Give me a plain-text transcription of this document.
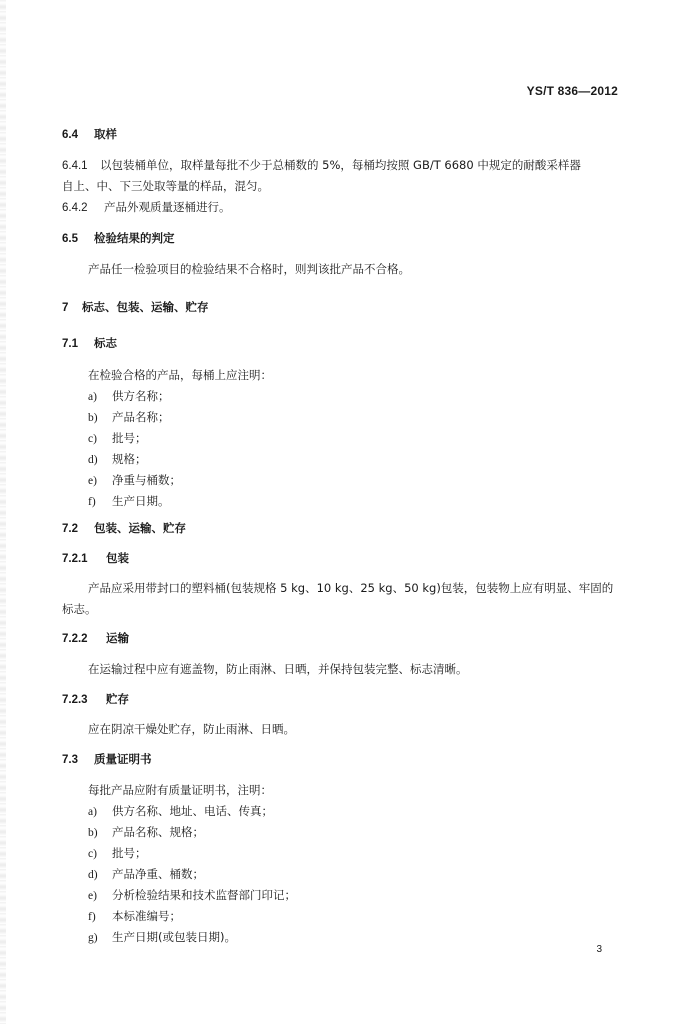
YS/T 836—2012
6.4 取样
6.4.1 以包装桶单位，取样量每批不少于总桶数的 5%，每桶均按照 GB/T 6680 中规定的耐酸采样器
自上、中、下三处取等量的样品，混匀。
6.4.2 产品外观质量逐桶进行。
6.5 检验结果的判定
产品任一检验项目的检验结果不合格时，则判该批产品不合格。
7 标志、包装、运输、贮存
7.1 标志
在检验合格的产品，每桶上应注明：
a) 供方名称；
b) 产品名称；
c) 批号；
d) 规格；
e) 净重与桶数；
f) 生产日期。
7.2 包装、运输、贮存
7.2.1 包装
产品应采用带封口的塑料桶(包装规格 5 kg、10 kg、25 kg、50 kg)包装，包装物上应有明显、牢固的
标志。
7.2.2 运输
在运输过程中应有遮盖物，防止雨淋、日晒，并保持包装完整、标志清晰。
7.2.3 贮存
应在阴凉干燥处贮存，防止雨淋、日晒。
7.3 质量证明书
每批产品应附有质量证明书，注明：
a) 供方名称、地址、电话、传真；
b) 产品名称、规格；
c) 批号；
d) 产品净重、桶数；
e) 分析检验结果和技术监督部门印记；
f) 本标准编号；
g) 生产日期(或包装日期)。
3
